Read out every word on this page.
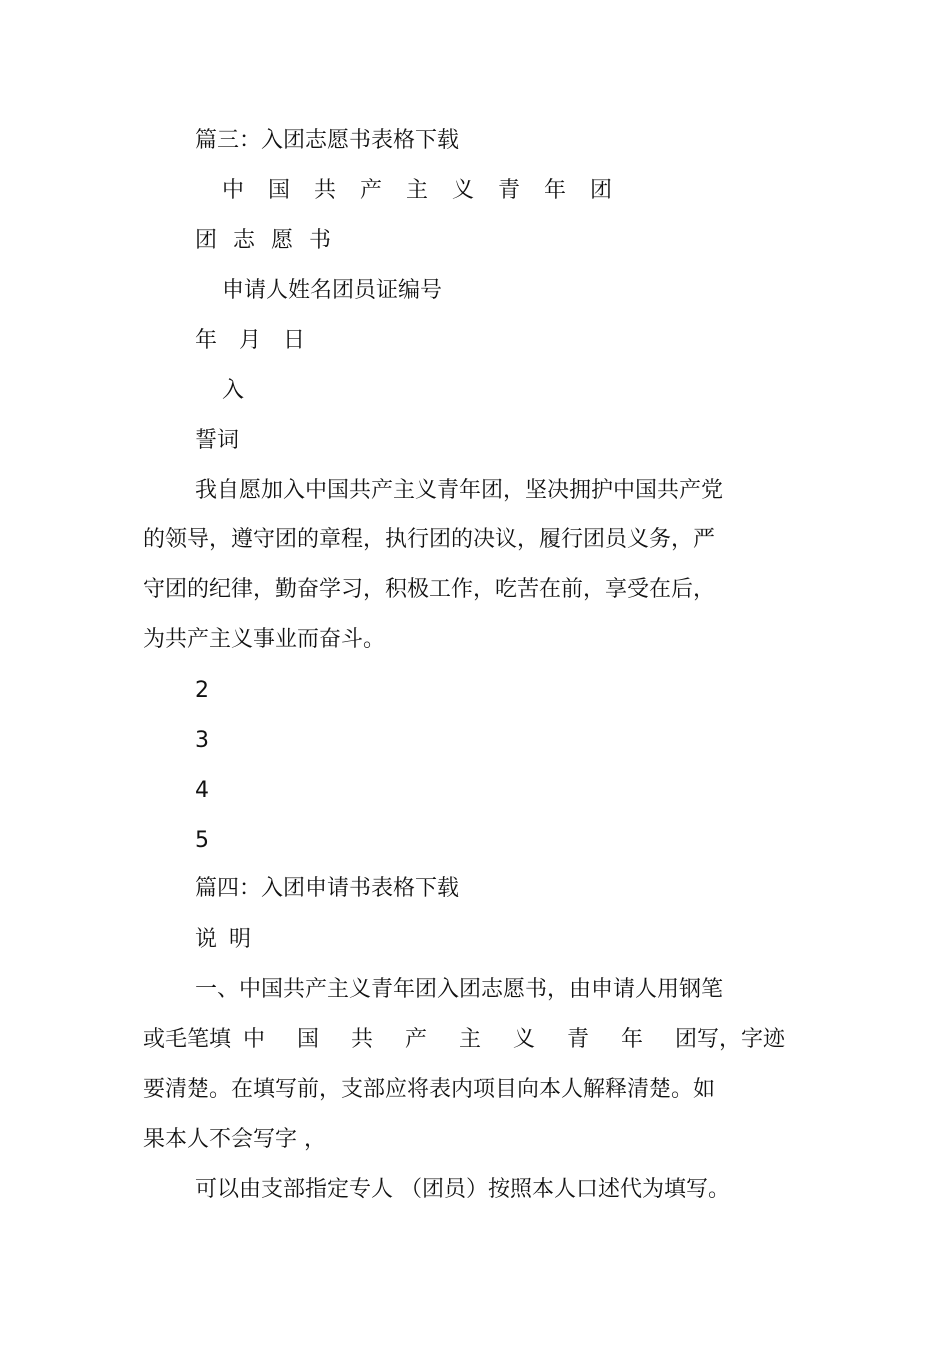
篇三：入团志愿书表格下载

中国共产主义青年团

团志愿书

申请人姓名团员证编号

年 月 日

入

誓词

我自愿加入中国共产主义青年团，坚决拥护中国共产党

的领导，遵守团的章程，执行团的决议，履行团员义务，严

守团的纪律，勤奋学习，积极工作，吃苦在前，享受在后，

为共产主义事业而奋斗。

2

3

4

5

篇四：入团申请书表格下载

说明

一、中国共产主义青年团入团志愿书，由申请人用钢笔

或毛笔填 中国共产主义青年团写，字迹

要清楚。在填写前，支部应将表内项目向本人解释清楚。如

果本人不会写字 ，

可以由支部指定专人 （团员）按照本人口述代为填写。
